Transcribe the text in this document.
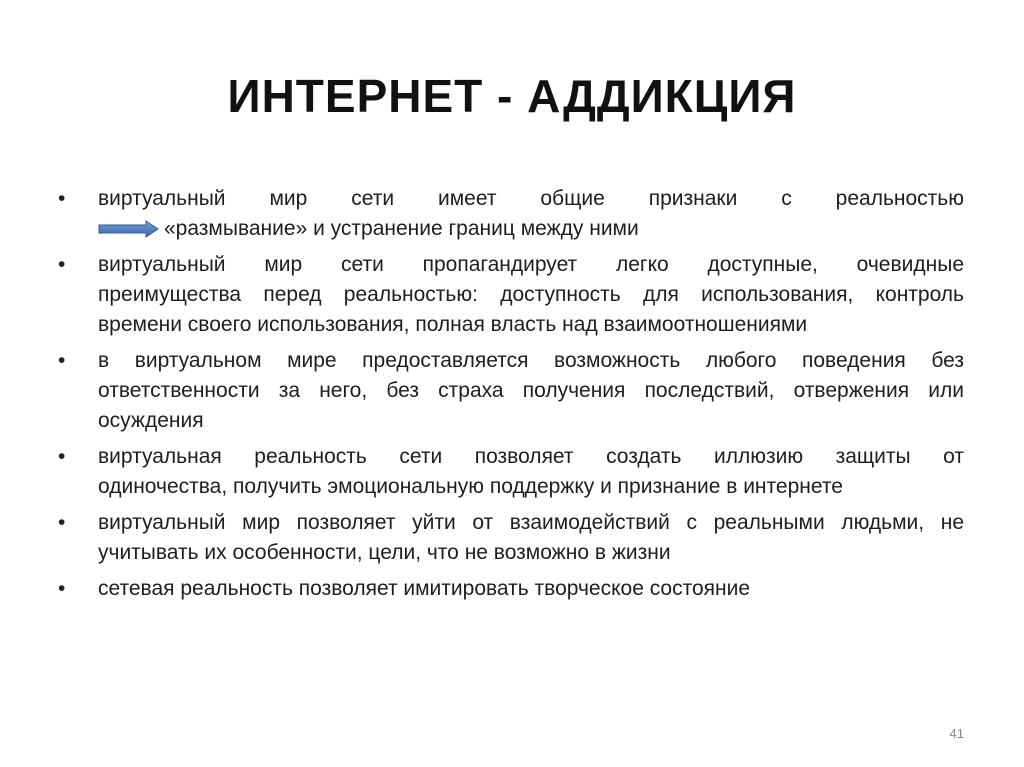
ИНТЕРНЕТ - АДДИКЦИЯ
•	виртуальный мир сети имеет общие признаки с реальностью
«размывание» и устранение границ между ними
•	виртуальный мир сети пропагандирует легко доступные, очевидные
преимущества перед реальностью: доступность для использования, контроль
времени своего использования, полная власть над взаимоотношениями
•	в виртуальном мире предоставляется возможность любого поведения без
ответственности за него, без страха получения последствий, отвержения или
осуждения
•	виртуальная реальность сети позволяет создать иллюзию защиты от
одиночества, получить эмоциональную поддержку и признание в интернете
•	виртуальный мир позволяет уйти от взаимодействий с реальными людьми, не
учитывать их особенности, цели, что не возможно в жизни
•	сетевая реальность позволяет имитировать творческое состояние
41
